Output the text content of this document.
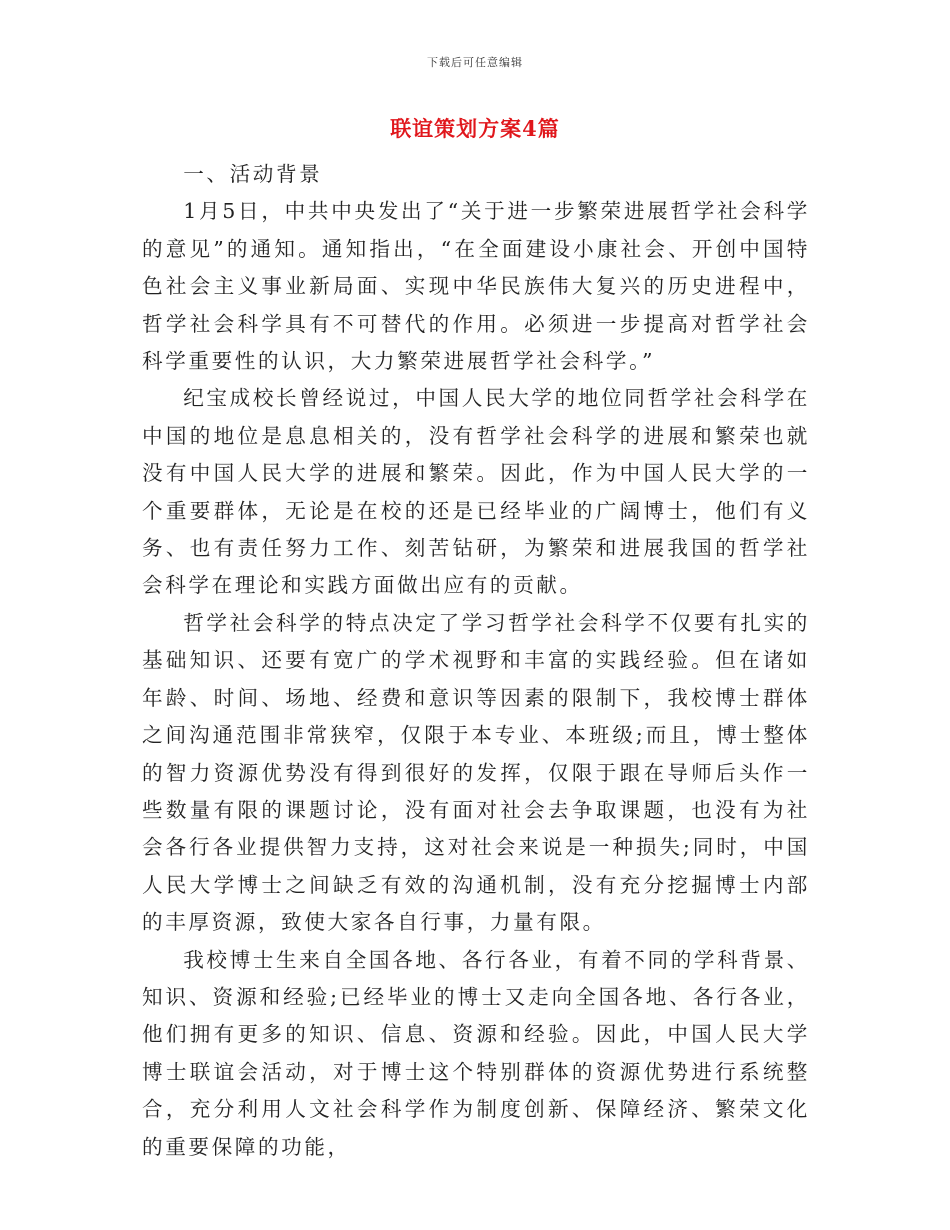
下载后可任意编辑
联谊策划方案4篇

一、活动背景

1月5日，中共中央发出了“关于进一步繁荣进展哲学社会科学的意见”的通知。通知指出，“在全面建设小康社会、开创中国特色社会主义事业新局面、实现中华民族伟大复兴的历史进程中，哲学社会科学具有不可替代的作用。必须进一步提高对哲学社会科学重要性的认识，大力繁荣进展哲学社会科学。”

纪宝成校长曾经说过，中国人民大学的地位同哲学社会科学在中国的地位是息息相关的，没有哲学社会科学的进展和繁荣也就没有中国人民大学的进展和繁荣。因此，作为中国人民大学的一个重要群体，无论是在校的还是已经毕业的广阔博士，他们有义务、也有责任努力工作、刻苦钻研，为繁荣和进展我国的哲学社会科学在理论和实践方面做出应有的贡献。

哲学社会科学的特点决定了学习哲学社会科学不仅要有扎实的基础知识、还要有宽广的学术视野和丰富的实践经验。但在诸如年龄、时间、场地、经费和意识等因素的限制下，我校博士群体之间沟通范围非常狭窄，仅限于本专业、本班级;而且，博士整体的智力资源优势没有得到很好的发挥，仅限于跟在导师后头作一些数量有限的课题讨论，没有面对社会去争取课题，也没有为社会各行各业提供智力支持，这对社会来说是一种损失;同时，中国人民大学博士之间缺乏有效的沟通机制，没有充分挖掘博士内部的丰厚资源，致使大家各自行事，力量有限。

我校博士生来自全国各地、各行各业，有着不同的学科背景、知识、资源和经验;已经毕业的博士又走向全国各地、各行各业，他们拥有更多的知识、信息、资源和经验。因此，中国人民大学博士联谊会活动，对于博士这个特别群体的资源优势进行系统整合，充分利用人文社会科学作为制度创新、保障经济、繁荣文化的重要保障的功能，
